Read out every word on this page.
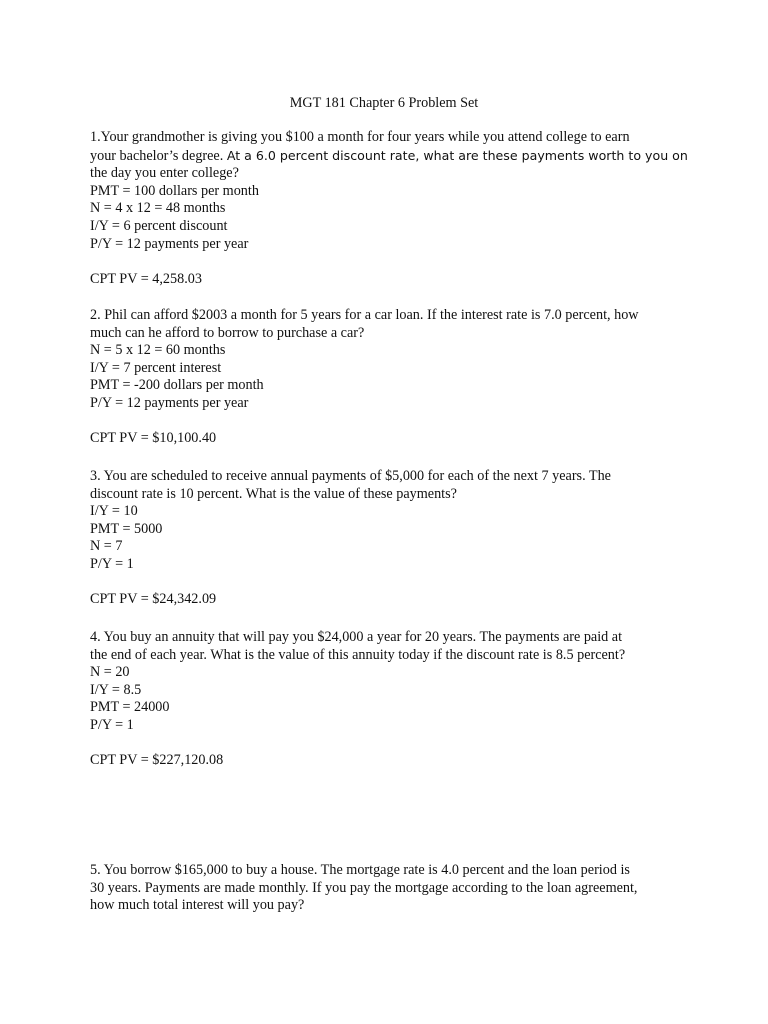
MGT 181 Chapter 6 Problem Set

1.Your grandmother is giving you $100 a month for four years while you attend college to earn
your bachelor’s degree. At a 6.0 percent discount rate, what are these payments worth to you on
the day you enter college?

PMT = 100 dollars per month
N = 4 x 12 = 48 months
I/Y = 6 percent discount
P/Y = 12 payments per year

CPT PV = 4,258.03

2. Phil can afford $2003 a month for 5 years for a car loan. If the interest rate is 7.0 percent, how
much can he afford to borrow to purchase a car?

N = 5 x 12 = 60 months
I/Y = 7 percent interest
PMT = -200 dollars per month
P/Y = 12 payments per year

CPT PV = $10,100.40

3. You are scheduled to receive annual payments of $5,000 for each of the next 7 years. The
discount rate is 10 percent. What is the value of these payments?

I/Y = 10
PMT = 5000
N = 7
P/Y = 1

CPT PV = $24,342.09

4. You buy an annuity that will pay you $24,000 a year for 20 years. The payments are paid at
the end of each year. What is the value of this annuity today if the discount rate is 8.5 percent?

N = 20
I/Y = 8.5
PMT = 24000
P/Y = 1

CPT PV = $227,120.08

5. You borrow $165,000 to buy a house. The mortgage rate is 4.0 percent and the loan period is
30 years. Payments are made monthly. If you pay the mortgage according to the loan agreement,
how much total interest will you pay?
